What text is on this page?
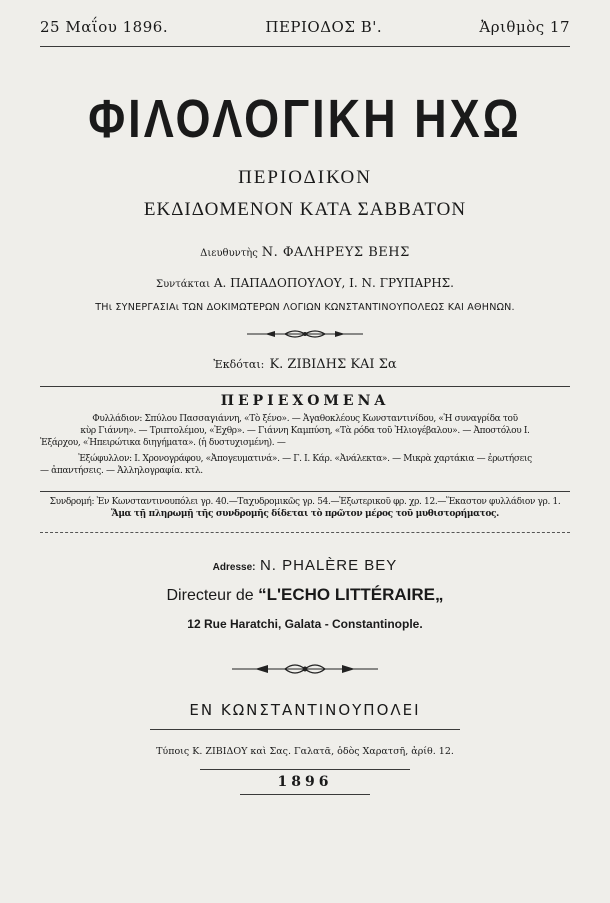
25 Μαΐου 1896.	ΠΕΡΙΟΔΟΣ Β'.	Ἀριθμὸς 17
ΦΙΛΟΛΟΓΙΚΗ ΗΧΩ
ΠΕΡΙΟΔΙΚΟΝ
ΕΚΔΙΔΟΜΕΝΟΝ ΚΑΤΑ ΣΑΒΒΑΤΟΝ
Διευθυντὴς Ν. ΦΑΛΗΡΕΥΣ ΒΕΗΣ
Συντάκται Α. ΠΑΠΑΔΟΠΟΥΛΟΥ, Ι. Ν. ΓΡΥΠΑΡΗΣ.
ΤΗι ΣΥΝΕΡΓΑΣΙΑι ΤΩΝ ΔΟΚΙΜΩΤΕΡΩΝ ΛΟΓΙΩΝ ΚΩΝΣΤΑΝΤΙΝΟΥΠΟΛΕΩΣ ΚΑΙ ΑΘΗΝΩΝ.
Ἐκδόται: Κ. ΖΙΒΙΔΗΣ ΚΑΙ Σα
ΠΕΡΙΕΧΟΜΕΝΑ
Φυλλάδιον: Σπύλου Πασσαγιάννη, «Τὸ ξένο». — Ἀγαθοκλέους Κωνσταντινίδου, «Ἡ συναγρίδα τοῦ
κὺρ Γιάννη». — Τριπτολέμου, «Ἐχθρ». — Γιάννη Καμπύση, «Τὰ ρόδα τοῦ Ἠλιογέβαλου». — Ἀποστόλου Ι.
Ἐξάρχου, «Ἠπειρώτικα διηγήματα». (ἡ δυστυχισμένη). —
Ἐξώφυλλον: Ι. Χρονογράφου, «Ἀπογευματινά». — Γ. Ι. Κάρ. «Ἀνάλεκτα». — Μικρὰ χαρτάκια — ἐρωτήσεις
— ἀπαντήσεις. — Ἀλληλογραφία. κτλ.
Συνδρομή: Ἐν Κωνσταντινουπόλει γρ. 40.—Ταχυδρομικῶς γρ. 54.—Ἐξωτερικοῦ φρ. χρ. 12.—Ἕκαστον φυλλάδιον γρ. 1.
Ἅμα τῇ πληρωμῇ τῆς συνδρομῆς δίδεται τὸ πρῶτον μέρος τοῦ μυθιστορήματος.
Adresse: N. PHALÈRE BEY
Directeur de “L'ECHO LITTÉRAIRE„
12 Rue Haratchi, Galata - Constantinople.
ΕΝ ΚΩΝΣΤΑΝΤΙΝΟΥΠΟΛΕΙ
Τύποις Κ. ΖΙΒΙΔΟΥ καὶ Σας. Γαλατᾶ, ὁδὸς Χαρατσῆ, ἀρίθ. 12.
1896
